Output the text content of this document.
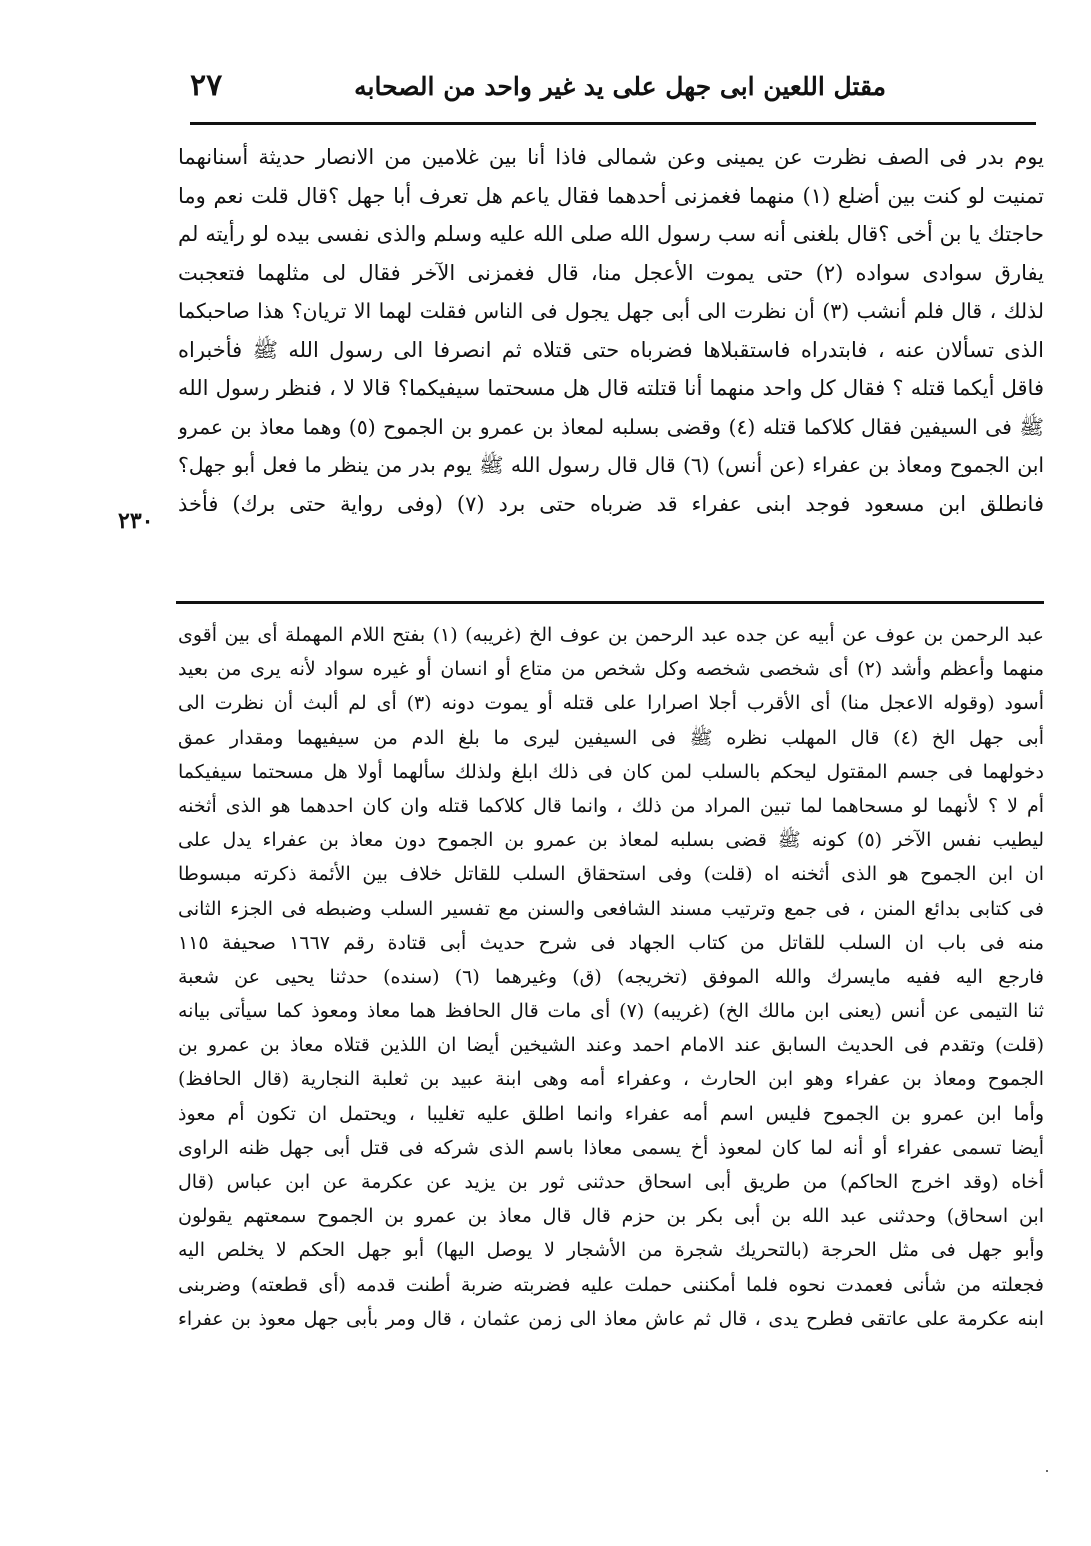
٢٧	مقتل اللعين ابى جهل على يد غير واحد من الصحابه
يوم بدر فى الصف نظرت عن يمينى وعن شمالى فاذا أنا بين غلامين من الانصار حديثة أسنانهما
تمنيت لو كنت بين أضلع (١) منهما فغمزنى أحدهما فقال ياعم هل تعرف أبا جهل ؟قال قلت نعم وما
حاجتك يا بن أخى ؟قال بلغنى أنه سب رسول الله صلى الله عليه وسلم والذى نفسى بيده لو رأيته لم
يفارق سوادى سواده (٢) حتى يموت الأعجل منا، قال فغمزنى الآخر فقال لى مثلهما فتعجبت
لذلك ، قال فلم أنشب (٣) أن نظرت الى أبى جهل يجول فى الناس فقلت لهما الا تريان؟ هذا صاحبكما
الذى تسألان عنه ، فابتدراه فاستقبلاها فضرباه حتى قتلاه ثم انصرفا الى رسول الله ﷺ فأخبراه
فاقل أيكما قتله ؟ فقال كل واحد منهما أنا قتلته قال هل مسحتما سيفيكما؟ قالا لا ، فنظر رسول الله
ﷺ فى السيفين فقال كلاكما قتله (٤) وقضى بسلبه لمعاذ بن عمرو بن الجموح (٥) وهما معاذ بن عمرو
ابن الجموح ومعاذ بن عفراء (عن أنس) (٦) قال قال رسول الله ﷺ يوم بدر من ينظر ما فعل أبو جهل؟
فانطلق ابن مسعود فوجد ابنى عفراء قد ضرباه حتى برد (٧) (وفى رواية حتى برك) فأخذ
٢٣٠
عبد الرحمن بن عوف عن أبيه عن جده عبد الرحمن بن عوف الخ (غريبه) (١) بفتح اللام المهملة أى بين أقوى
منهما وأعظم وأشد (٢) أى شخصى شخصه وكل شخص من متاع أو انسان أو غيره سواد لأنه يرى من بعيد
أسود (وقوله الاعجل منا) أى الأقرب أجلا اصرارا على قتله أو يموت دونه (٣) أى لم ألبث أن نظرت الى
أبى جهل الخ (٤) قال المهلب نظره ﷺ فى السيفين ليرى ما بلغ الدم من سيفيهما ومقدار عمق
دخولهما فى جسم المقتول ليحكم بالسلب لمن كان فى ذلك ابلغ ولذلك سألهما أولا هل مسحتما سيفيكما
أم لا ؟ لأنهما لو مسحاهما لما تبين المراد من ذلك ، وانما قال كلاكما قتله وان كان احدهما هو الذى أثخنه
ليطيب نفس الآخر (٥) كونه ﷺ قضى بسلبه لمعاذ بن عمرو بن الجموح دون معاذ بن عفراء يدل على
ان ابن الجموح هو الذى أثخنه اه (قلت) وفى استحقاق السلب للقاتل خلاف بين الأئمة ذكرته مبسوطا
فى كتابى بدائع المنن ، فى جمع وترتيب مسند الشافعى والسنن مع تفسير السلب وضبطه فى الجزء الثانى
منه فى باب ان السلب للقاتل من كتاب الجهاد فى شرح حديث أبى قتادة رقم ١٦٦٧ صحيفة ١١٥
فارجع اليه ففيه مايسرك والله الموفق (تخريجه) (ق) وغيرهما (٦) (سنده) حدثنا يحيى عن شعبة
ثنا التيمى عن أنس (يعنى ابن مالك الخ) (غريبه) (٧) أى مات قال الحافظ هما معاذ ومعوذ كما سيأتى بيانه
(قلت) وتقدم فى الحديث السابق عند الامام احمد وعند الشيخين أيضا ان اللذين قتلاه معاذ بن عمرو بن
الجموح ومعاذ بن عفراء وهو ابن الحارث ، وعفراء أمه وهى ابنة عبيد بن ثعلبة النجارية (قال الحافظ)
وأما ابن عمرو بن الجموح فليس اسم أمه عفراء وانما اطلق عليه تغليبا ، ويحتمل ان تكون أم معوذ
أيضا تسمى عفراء أو أنه لما كان لمعوذ أخ يسمى معاذا باسم الذى شركه فى قتل أبى جهل ظنه الراوى
أخاه (وقد اخرج الحاكم) من طريق أبى اسحاق حدثنى ثور بن يزيد عن عكرمة عن ابن عباس (قال
ابن اسحاق) وحدثنى عبد الله بن أبى بكر بن حزم قال قال معاذ بن عمرو بن الجموح سمعتهم يقولون
وأبو جهل فى مثل الحرجة (بالتحريك شجرة من الأشجار لا يوصل اليها) أبو جهل الحكم لا يخلص اليه
فجعلته من شأنى فعمدت نحوه فلما أمكننى حملت عليه فضربته ضربة أطنت قدمه (أى قطعته) وضربنى
ابنه عكرمة على عاتقى فطرح يدى ، قال ثم عاش معاذ الى زمن عثمان ، قال ومر بأبى جهل معوذ بن عفراء
